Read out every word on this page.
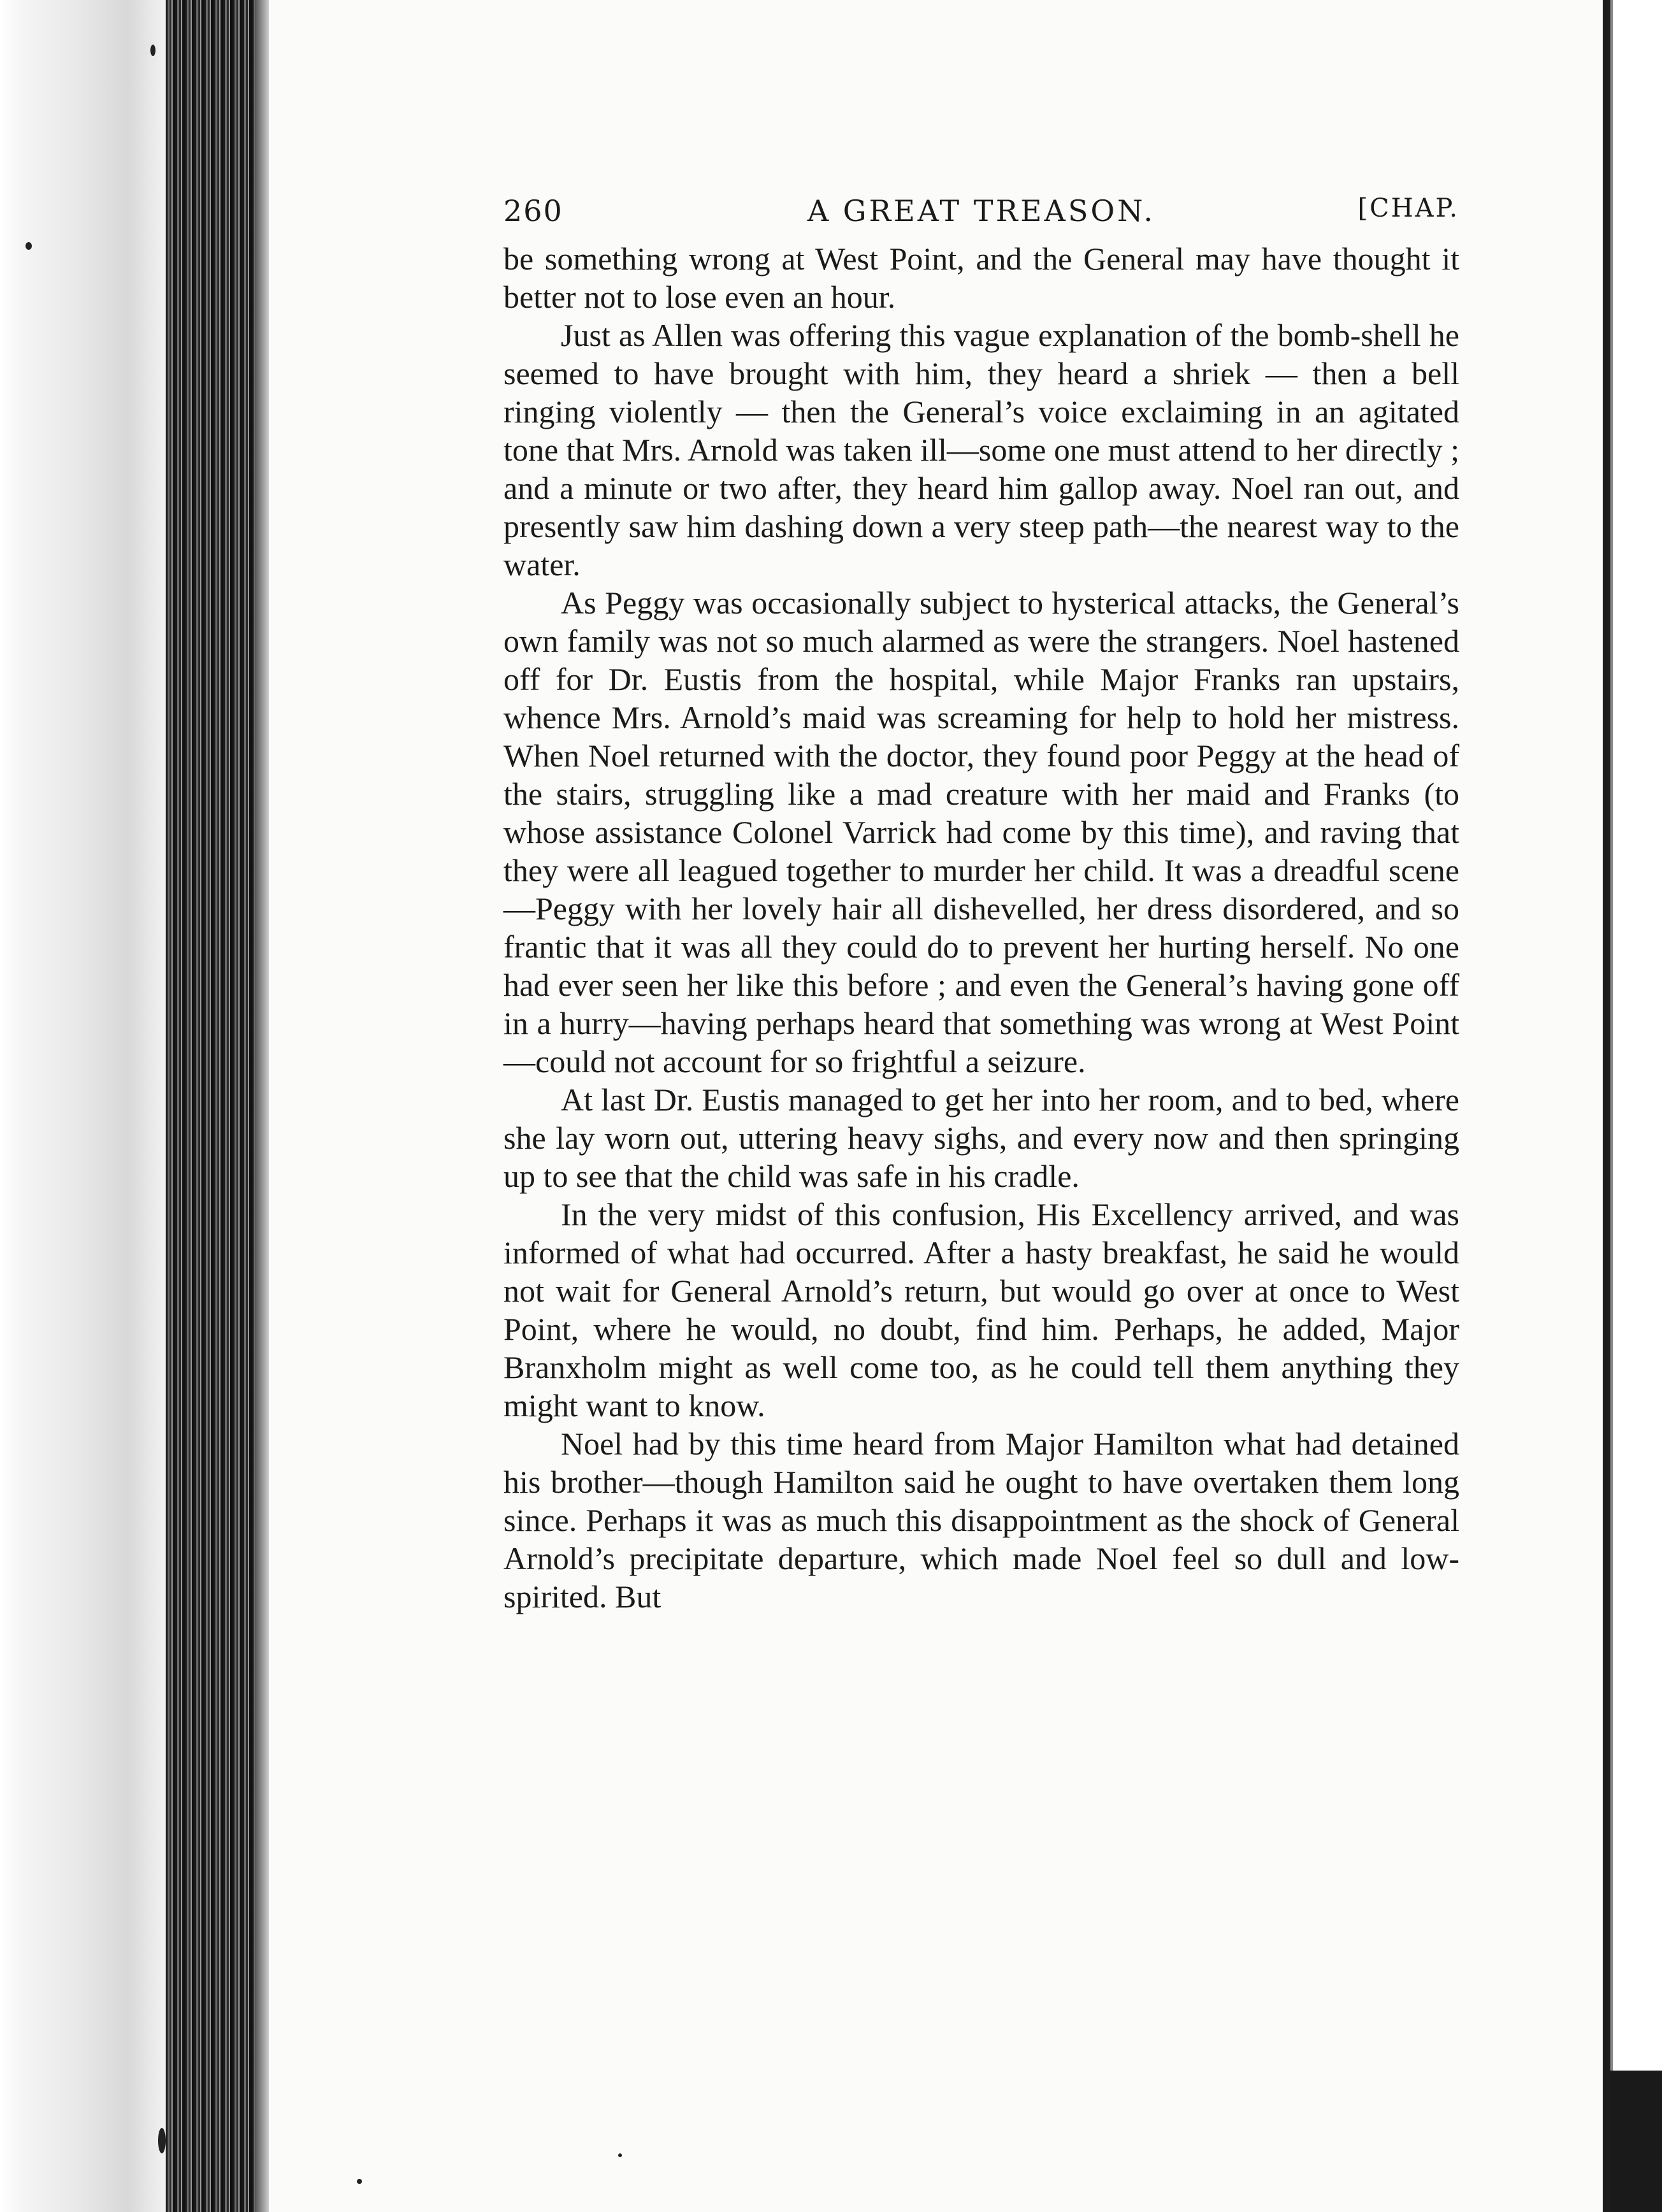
260	A GREAT TREASON.	[CHAP.

be something wrong at West Point, and the General may have thought it better not to lose even an hour.

Just as Allen was offering this vague explanation of the bomb-shell he seemed to have brought with him, they heard a shriek — then a bell ringing violently — then the General’s voice exclaiming in an agitated tone that Mrs. Arnold was taken ill—some one must attend to her directly ; and a minute or two after, they heard him gallop away. Noel ran out, and presently saw him dashing down a very steep path—the nearest way to the water.

As Peggy was occasionally subject to hysterical attacks, the General’s own family was not so much alarmed as were the strangers. Noel hastened off for Dr. Eustis from the hospital, while Major Franks ran upstairs, whence Mrs. Arnold’s maid was screaming for help to hold her mistress. When Noel returned with the doctor, they found poor Peggy at the head of the stairs, struggling like a mad creature with her maid and Franks (to whose assistance Colonel Varrick had come by this time), and raving that they were all leagued together to murder her child. It was a dreadful scene—Peggy with her lovely hair all dishevelled, her dress disordered, and so frantic that it was all they could do to prevent her hurting herself. No one had ever seen her like this before ; and even the General’s having gone off in a hurry—having perhaps heard that something was wrong at West Point—could not account for so frightful a seizure.

At last Dr. Eustis managed to get her into her room, and to bed, where she lay worn out, uttering heavy sighs, and every now and then springing up to see that the child was safe in his cradle.

In the very midst of this confusion, His Excellency arrived, and was informed of what had occurred. After a hasty breakfast, he said he would not wait for General Arnold’s return, but would go over at once to West Point, where he would, no doubt, find him. Perhaps, he added, Major Branxholm might as well come too, as he could tell them anything they might want to know.

Noel had by this time heard from Major Hamilton what had detained his brother—though Hamilton said he ought to have overtaken them long since. Perhaps it was as much this disappointment as the shock of General Arnold’s precipitate departure, which made Noel feel so dull and low-spirited. But
